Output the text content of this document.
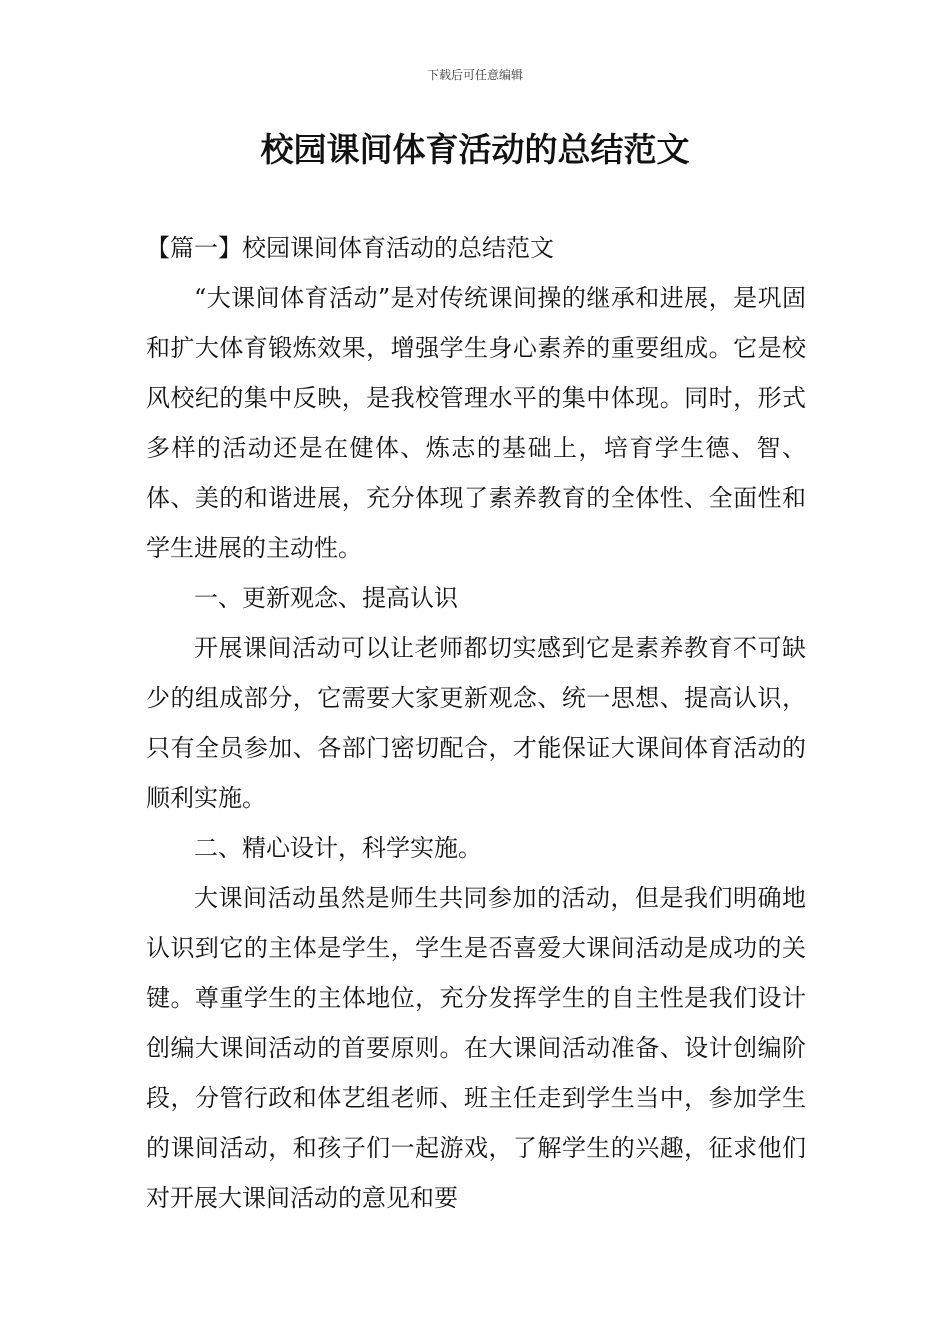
下载后可任意编辑
校园课间体育活动的总结范文

【篇一】校园课间体育活动的总结范文

“大课间体育活动”是对传统课间操的继承和进展，是巩固和扩大体育锻炼效果，增强学生身心素养的重要组成。它是校风校纪的集中反映，是我校管理水平的集中体现。同时，形式多样的活动还是在健体、炼志的基础上，培育学生德、智、体、美的和谐进展，充分体现了素养教育的全体性、全面性和学生进展的主动性。

一、更新观念、提高认识

开展课间活动可以让老师都切实感到它是素养教育不可缺少的组成部分，它需要大家更新观念、统一思想、提高认识，只有全员参加、各部门密切配合，才能保证大课间体育活动的顺利实施。

二、精心设计，科学实施。

大课间活动虽然是师生共同参加的活动，但是我们明确地认识到它的主体是学生，学生是否喜爱大课间活动是成功的关键。尊重学生的主体地位，充分发挥学生的自主性是我们设计创编大课间活动的首要原则。在大课间活动准备、设计创编阶段，分管行政和体艺组老师、班主任走到学生当中，参加学生的课间活动，和孩子们一起游戏，了解学生的兴趣，征求他们对开展大课间活动的意见和要
